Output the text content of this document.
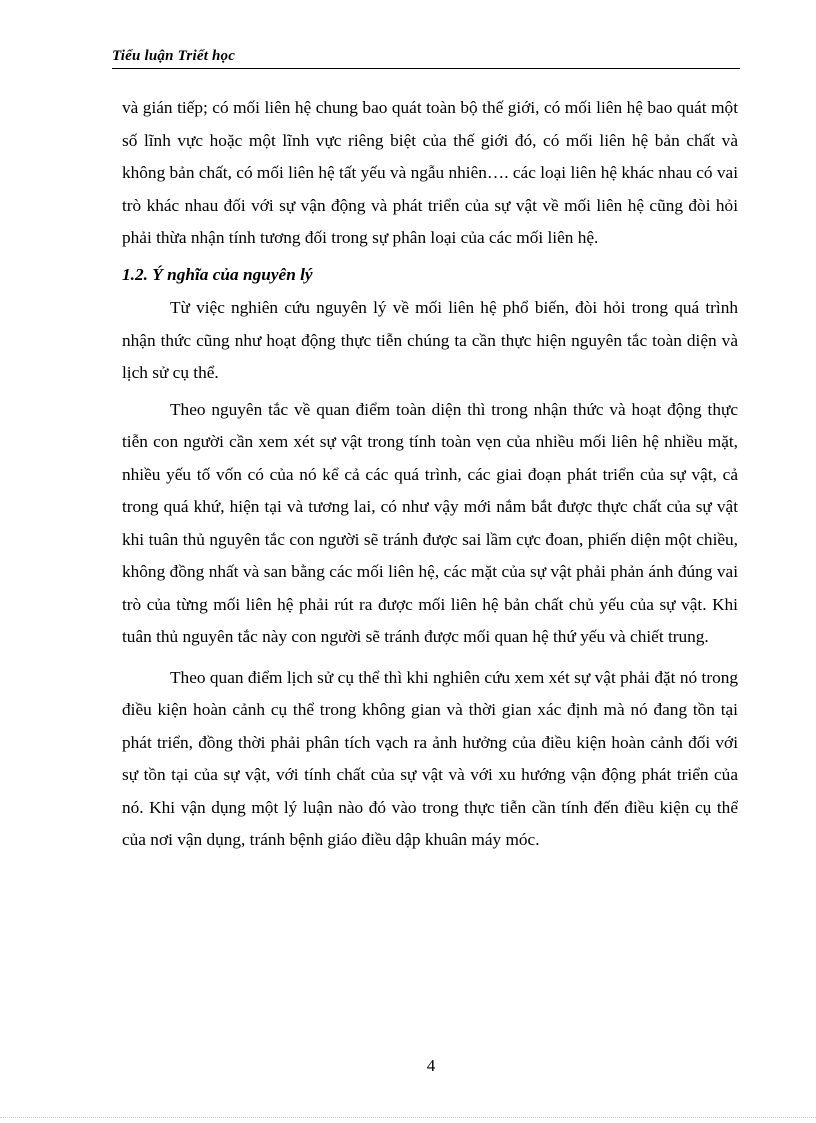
Tiểu luận Triết học

và gián tiếp; có mối liên hệ chung bao quát toàn bộ thế giới, có mối liên hệ bao quát một số lĩnh vực hoặc một lĩnh vực riêng biệt của thế giới đó, có mối liên hệ bản chất và không bản chất, có mối liên hệ tất yếu và ngẫu nhiên…. các loại liên hệ khác nhau có vai trò khác nhau đối với sự vận động và phát triển của sự vật về mối liên hệ cũng đòi hỏi phải thừa nhận tính tương đối trong sự phân loại của các mối liên hệ.

1.2. Ý nghĩa của nguyên lý

Từ việc nghiên cứu nguyên lý về mối liên hệ phổ biến, đòi hỏi trong quá trình nhận thức cũng như hoạt động thực tiễn chúng ta cần thực hiện nguyên tắc toàn diện và lịch sử cụ thể.

Theo nguyên tắc về quan điểm toàn diện thì trong nhận thức và hoạt động thực tiễn con người cần xem xét sự vật trong tính toàn vẹn của nhiều mối liên hệ nhiều mặt, nhiều yếu tố vốn có của nó kể cả các quá trình, các giai đoạn phát triển của sự vật, cả trong quá khứ, hiện tại và tương lai, có như vậy mới nắm bắt được thực chất của sự vật khi tuân thủ nguyên tắc con người sẽ tránh được sai lầm cực đoan, phiến diện một chiều, không đồng nhất và san bằng các mối liên hệ, các mặt của sự vật phải phản ánh đúng vai trò của từng mối liên hệ phải rút ra được mối liên hệ bản chất chủ yếu của sự vật. Khi tuân thủ nguyên tắc này con người sẽ tránh được mối quan hệ thứ yếu và chiết trung.

Theo quan điểm lịch sử cụ thể thì khi nghiên cứu xem xét sự vật phải đặt nó trong điều kiện hoàn cảnh cụ thể trong không gian và thời gian xác định mà nó đang tồn tại phát triển, đồng thời phải phân tích vạch ra ảnh hưởng của điều kiện hoàn cảnh đối với sự tồn tại của sự vật, với tính chất của sự vật và với xu hướng vận động phát triển của nó. Khi vận dụng một lý luận nào đó vào trong thực tiễn cần tính đến điều kiện cụ thể của nơi vận dụng, tránh bệnh giáo điều dập khuân máy móc.

4
